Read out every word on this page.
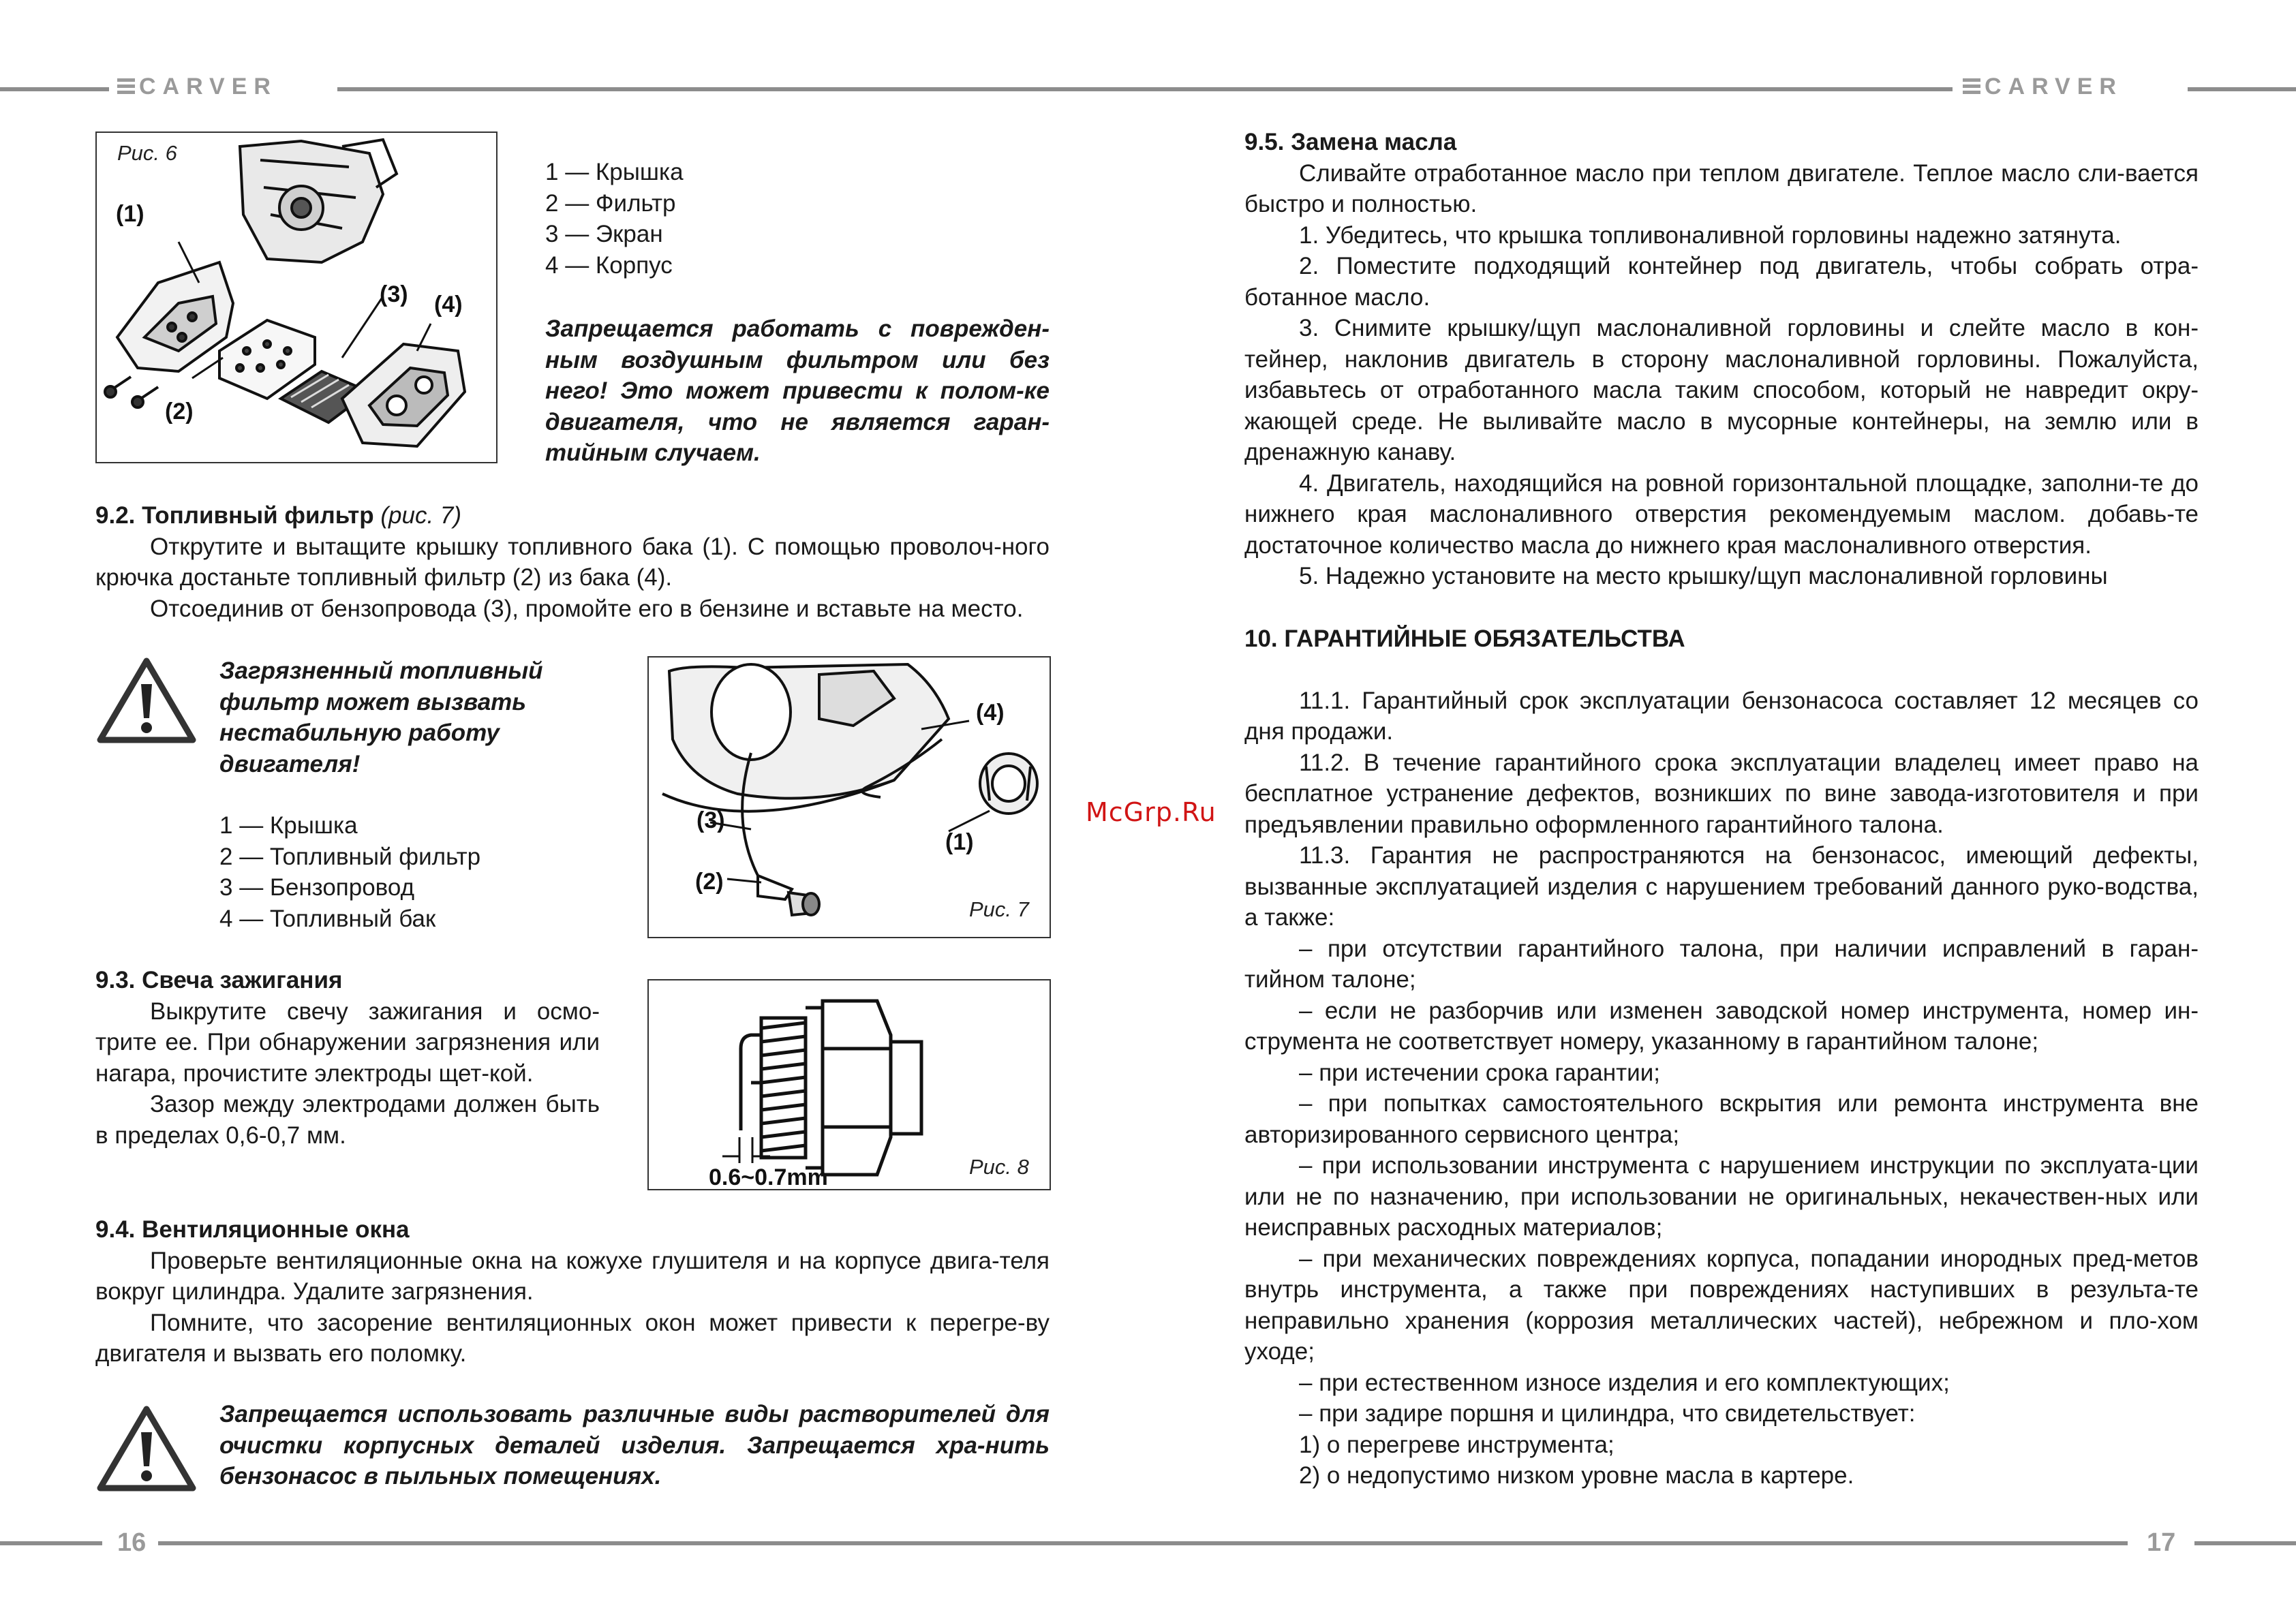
CARVER	CARVER
16	17
(1)
(2)
(3) (4)
Рис. 6

1 — Крышка

2 — Фильтр

3 — Экран

4 — Корпус

Запрещается работать с поврежден-ным воздушным фильтром или без него! Это может привести к полом-ке двигателя, что не является гаран-тийным случаем.

9.2. Топливный фильтр (рис. 7)

Открутите и вытащите крышку топливного бака (1). С помощью проволоч-ного крючка достаньте топливный фильтр (2) из бака (4).

Отсоединив от бензопровода (3), промойте его в бензине и вставьте на место.

Загрязненный топливный фильтр может вызвать нестабильную работу двигателя!

1 — Крышка

2 — Топливный фильтр

3 — Бензопровод

4 — Топливный бак

(3)
(4)
(1)
(2)
Рис. 7

9.3. Свеча зажигания

Выкрутите свечу зажигания и осмо-трите ее. При обнаружении загрязнения или нагара, прочистите электроды щет-кой.

Зазор между электродами должен быть в пределах 0,6-0,7 мм.

0.6~0.7mm	Рис. 8

9.4. Вентиляционные окна

Проверьте вентиляционные окна на кожухе глушителя и на корпусе двига-теля вокруг цилиндра. Удалите загрязнения.

Помните, что засорение вентиляционных окон может привести к перегре-ву двигателя и вызвать его поломку.

Запрещается использовать различные виды растворителей для очистки корпусных деталей изделия. Запрещается хра-нить бензонасос в пыльных помещениях.
McGrp.Ru

9.5. Замена масла

Сливайте отработанное масло при теплом двигателе. Теплое масло сли-вается быстро и полностью.

1. Убедитесь, что крышка топливоналивной горловины надежно затянута.

2. Поместите подходящий контейнер под двигатель, чтобы собрать отра-ботанное масло.

3. Снимите крышку/щуп маслоналивной горловины и слейте масло в кон-тейнер, наклонив двигатель в сторону маслоналивной горловины. Пожалуйста, избавьтесь от отработанного масла таким способом, который не навредит окру-жающей среде. Не выливайте масло в мусорные контейнеры, на землю или в дренажную канаву.

4. Двигатель, находящийся на ровной горизонтальной площадке, заполни-те до нижнего края маслоналивного отверстия рекомендуемым маслом. добавь-те достаточное количество масла до нижнего края маслоналивного отверстия.

5. Надежно установите на место крышку/щуп маслоналивной горловины

10. ГАРАНТИЙНЫЕ ОБЯЗАТЕЛЬСТВА

11.1. Гарантийный срок эксплуатации бензонасоса составляет 12 месяцев со дня продажи.

11.2. В течение гарантийного срока эксплуатации владелец имеет право на бесплатное устранение дефектов, возникших по вине завода-изготовителя и при предъявлении правильно оформленного гарантийного талона.

11.3. Гарантия не распространяются на бензонасос, имеющий дефекты, вызванные эксплуатацией изделия с нарушением требований данного руко-водства, а также:

– при отсутствии гарантийного талона, при наличии исправлений в гаран-тийном талоне;

– если не разборчив или изменен заводской номер инструмента, номер ин-струмента не соответствует номеру, указанному в гарантийном талоне;

– при истечении срока гарантии;

– при попытках самостоятельного вскрытия или ремонта инструмента вне авторизированного сервисного центра;

– при использовании инструмента с нарушением инструкции по эксплуата-ции или не по назначению, при использовании не оригинальных, некачествен-ных или неисправных расходных материалов;

– при механических повреждениях корпуса, попадании инородных пред-метов внутрь инструмента, а также при повреждениях наступивших в результа-те неправильно хранения (коррозия металлических частей), небрежном и пло-хом уходе;

– при естественном износе изделия и его комплектующих;

– при задире поршня и цилиндра, что свидетельствует:

1) о перегреве инструмента;

2) о недопустимо низком уровне масла в картере.
